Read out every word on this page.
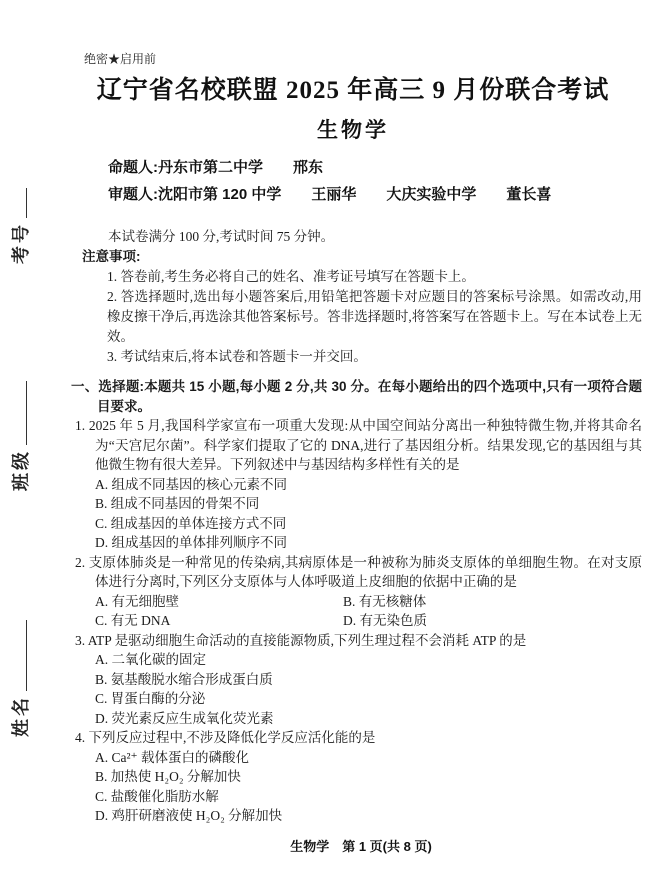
考号
班级
姓名
绝密★启用前
辽宁省名校联盟 2025 年高三 9 月份联合考试
生物学
命题人:丹东市第二中学　　邢东
审题人:沈阳市第 120 中学　　王丽华　　大庆实验中学　　董长喜

本试卷满分 100 分,考试时间 75 分钟。

注意事项:

1. 答卷前,考生务必将自己的姓名、准考证号填写在答题卡上。

2. 答选择题时,选出每小题答案后,用铅笔把答题卡对应题目的答案标号涂黑。如需改动,用橡皮擦干净后,再选涂其他答案标号。答非选择题时,将答案写在答题卡上。写在本试卷上无效。

3. 考试结束后,将本试卷和答题卡一并交回。

一、选择题:本题共 15 小题,每小题 2 分,共 30 分。在每小题给出的四个选项中,只有一项符合题目要求。

1. 2025 年 5 月,我国科学家宣布一项重大发现:从中国空间站分离出一种独特微生物,并将其命名为“天宫尼尔菌”。科学家们提取了它的 DNA,进行了基因组分析。结果发现,它的基因组与其他微生物有很大差异。下列叙述中与基因结构多样性有关的是

A. 组成不同基因的核心元素不同

B. 组成不同基因的骨架不同

C. 组成基因的单体连接方式不同

D. 组成基因的单体排列顺序不同

2. 支原体肺炎是一种常见的传染病,其病原体是一种被称为肺炎支原体的单细胞生物。在对支原体进行分离时,下列区分支原体与人体呼吸道上皮细胞的依据中正确的是

A. 有无细胞壁	B. 有无核糖体

C. 有无 DNA	D. 有无染色质

3. ATP 是驱动细胞生命活动的直接能源物质,下列生理过程不会消耗 ATP 的是

A. 二氧化碳的固定

B. 氨基酸脱水缩合形成蛋白质

C. 胃蛋白酶的分泌

D. 荧光素反应生成氧化荧光素

4. 下列反应过程中,不涉及降低化学反应活化能的是

A. Ca²⁺ 载体蛋白的磷酸化

B. 加热使 H₂O₂ 分解加快

C. 盐酸催化脂肪水解

D. 鸡肝研磨液使 H₂O₂ 分解加快

生物学　第 1 页(共 8 页)
